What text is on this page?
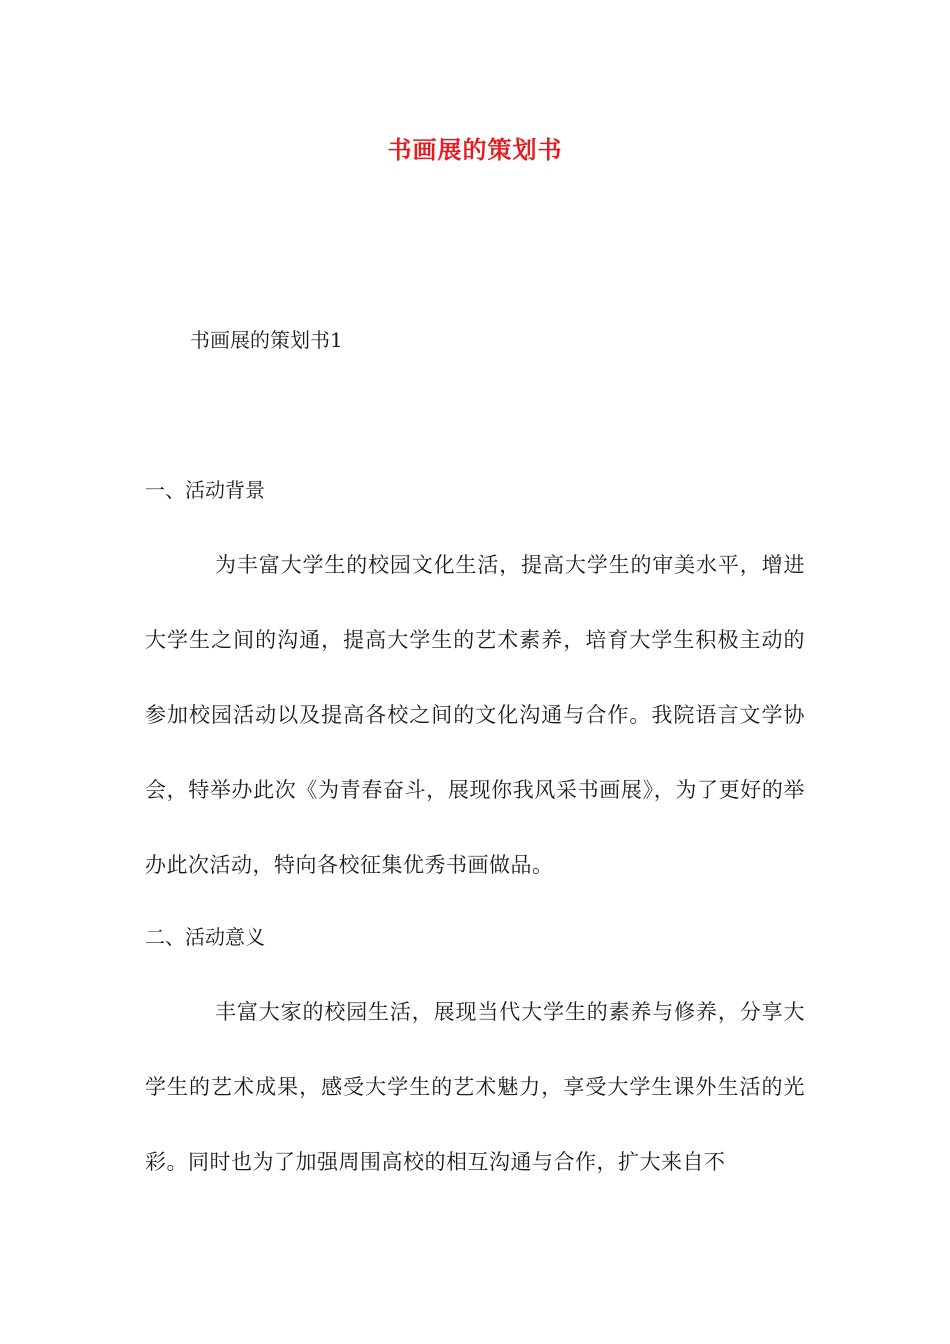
书画展的策划书

书画展的策划书1

一、活动背景

为丰富大学生的校园文化生活，提高大学生的审美水平，增进大学生之间的沟通，提高大学生的艺术素养，培育大学生积极主动的参加校园活动以及提高各校之间的文化沟通与合作。我院语言文学协会，特举办此次《为青春奋斗，展现你我风采书画展》，为了更好的举办此次活动，特向各校征集优秀书画做品。

二、活动意义

丰富大家的校园生活，展现当代大学生的素养与修养，分享大学生的艺术成果，感受大学生的艺术魅力，享受大学生课外生活的光彩。同时也为了加强周围高校的相互沟通与合作，扩大来自不
